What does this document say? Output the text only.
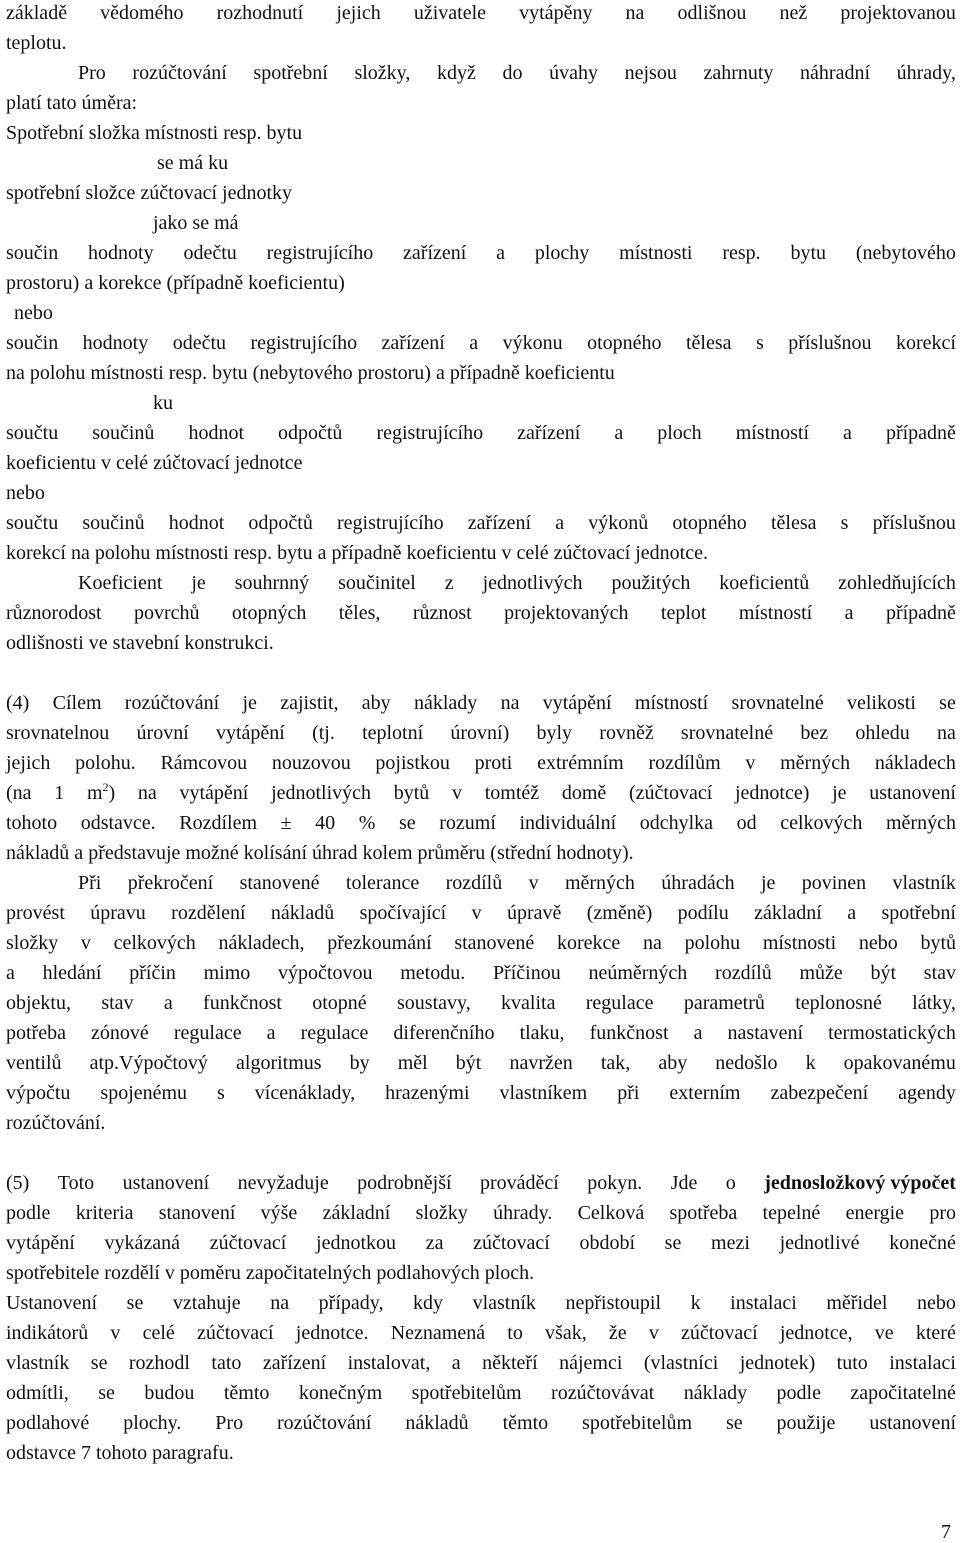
základě vědomého rozhodnutí jejich uživatele vytápěny na odlišnou než projektovanou
teplotu.
Pro rozúčtování spotřební složky, když do úvahy nejsou zahrnuty náhradní úhrady,
platí tato úměra:
Spotřební složka místnosti resp. bytu
se má ku
spotřební složce zúčtovací jednotky
jako se má
součin hodnoty odečtu registrujícího zařízení a plochy místnosti resp. bytu (nebytového
prostoru) a korekce (případně koeficientu)
nebo
součin hodnoty odečtu registrujícího zařízení a výkonu otopného tělesa s příslušnou korekcí
na polohu místnosti resp. bytu (nebytového prostoru) a případně koeficientu
ku
součtu součinů hodnot odpočtů registrujícího zařízení a ploch místností a případně
koeficientu v celé zúčtovací jednotce
nebo
součtu součinů hodnot odpočtů registrujícího zařízení a výkonů otopného tělesa s příslušnou
korekcí na polohu místnosti resp. bytu a případně koeficientu v celé zúčtovací jednotce.
Koeficient je souhrnný součinitel z jednotlivých použitých koeficientů zohledňujících
různorodost povrchů otopných těles, různost projektovaných teplot místností a případně
odlišnosti ve stavební konstrukci.
(4) Cílem rozúčtování je zajistit, aby náklady na vytápění místností srovnatelné velikosti se
srovnatelnou úrovní vytápění (tj. teplotní úrovní) byly rovněž srovnatelné bez ohledu na
jejich polohu. Rámcovou nouzovou pojistkou proti extrémním rozdílům v měrných nákladech
(na 1 $m^2$) na vytápění jednotlivých bytů v tomtéž domě (zúčtovací jednotce) je ustanovení
tohoto odstavce. Rozdílem ± 40 % se rozumí individuální odchylka od celkových měrných
nákladů a představuje možné kolísání úhrad kolem průměru (střední hodnoty).
Při překročení stanovené tolerance rozdílů v měrných úhradách je povinen vlastník
provést úpravu rozdělení nákladů spočívající v úpravě (změně) podílu základní a spotřební
složky v celkových nákladech, přezkoumání stanovené korekce na polohu místnosti nebo bytů
a hledání příčin mimo výpočtovou metodu. Příčinou neúměrných rozdílů může být stav
objektu, stav a funkčnost otopné soustavy, kvalita regulace parametrů teplonosné látky,
potřeba zónové regulace a regulace diferenčního tlaku, funkčnost a nastavení termostatických
ventilů atp.Výpočtový algoritmus by měl být navržen tak, aby nedošlo k opakovanému
výpočtu spojenému s vícenáklady, hrazenými vlastníkem při externím zabezpečení agendy
rozúčtování.
(5) Toto ustanovení nevyžaduje podrobnější prováděcí pokyn. Jde o jednosložkový výpočet
podle kriteria stanovení výše základní složky úhrady. Celková spotřeba tepelné energie pro
vytápění vykázaná zúčtovací jednotkou za zúčtovací období se mezi jednotlivé konečné
spotřebitele rozdělí v poměru započitatelných podlahových ploch.
Ustanovení se vztahuje na případy, kdy vlastník nepřistoupil k instalaci měřidel nebo
indikátorů v celé zúčtovací jednotce. Neznamená to však, že v zúčtovací jednotce, ve které
vlastník se rozhodl tato zařízení instalovat, a někteří nájemci (vlastníci jednotek) tuto instalaci
odmítli, se budou těmto konečným spotřebitelům rozúčtovávat náklady podle započitatelné
podlahové plochy. Pro rozúčtování nákladů těmto spotřebitelům se použije ustanovení
odstavce 7 tohoto paragrafu.
7
